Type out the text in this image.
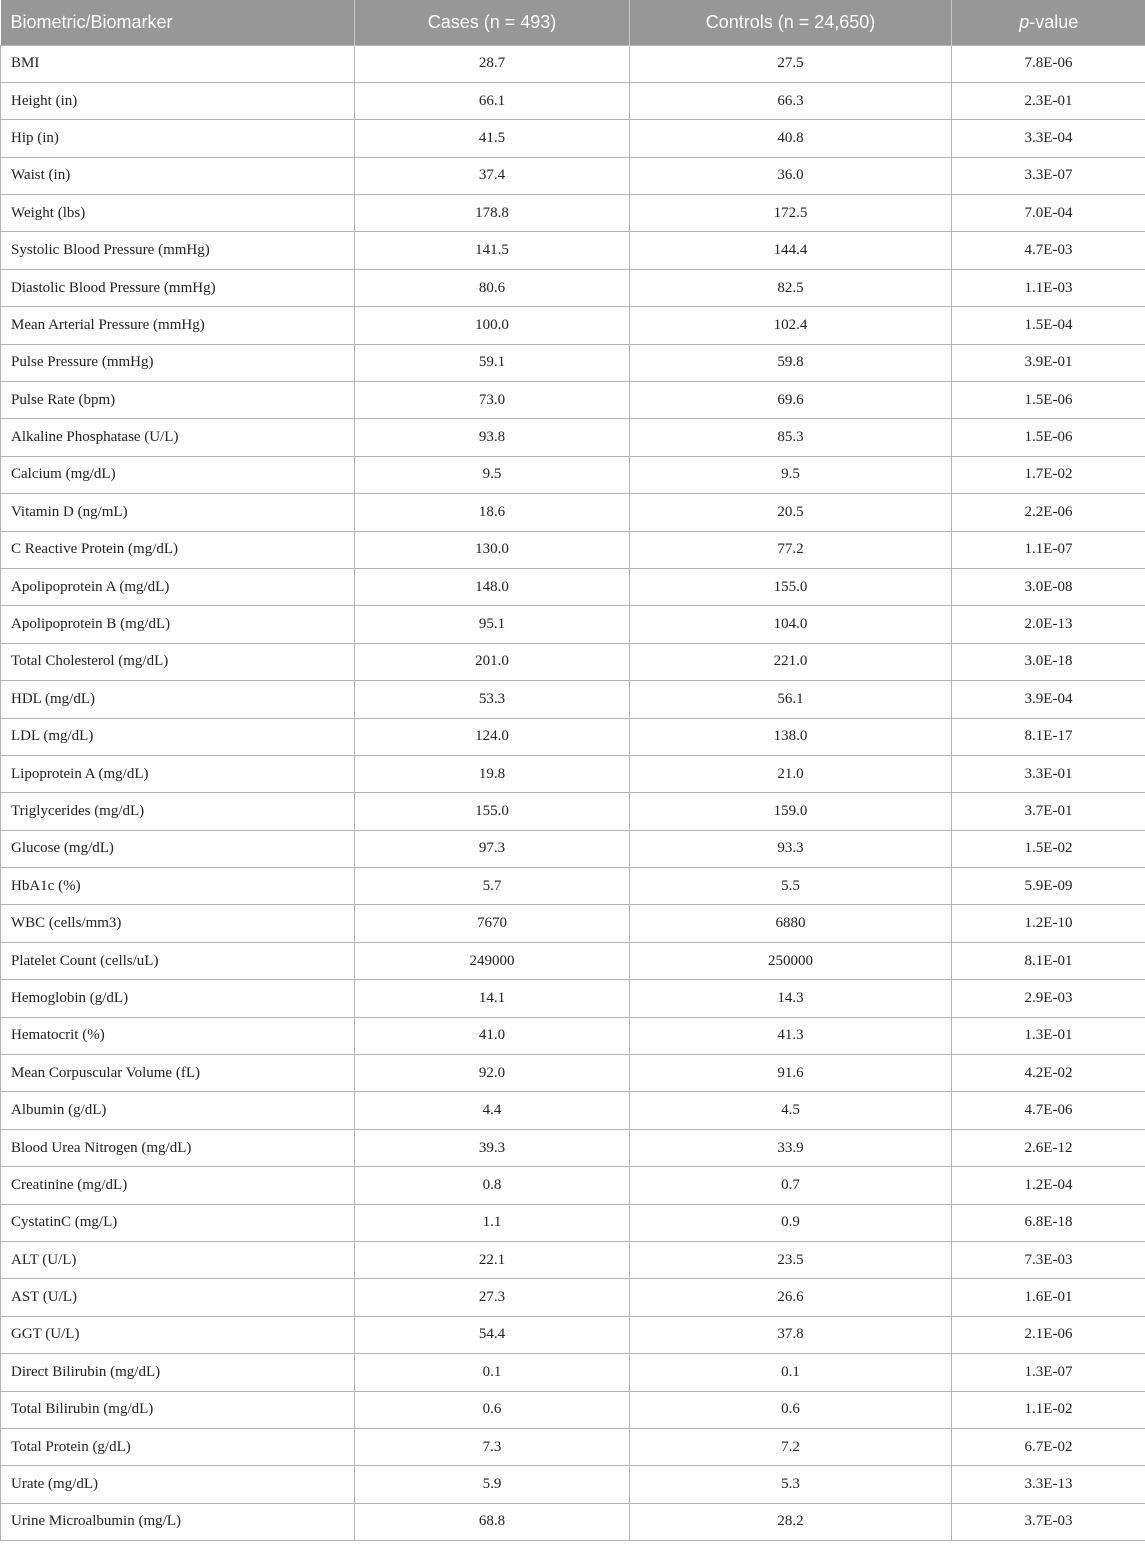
Biometric/Biomarker	Cases (n = 493)	Controls (n = 24,650)	p-value
BMI	28.7	27.5	7.8E-06
Height (in)	66.1	66.3	2.3E-01
Hip (in)	41.5	40.8	3.3E-04
Waist (in)	37.4	36.0	3.3E-07
Weight (lbs)	178.8	172.5	7.0E-04
Systolic Blood Pressure (mmHg)	141.5	144.4	4.7E-03
Diastolic Blood Pressure (mmHg)	80.6	82.5	1.1E-03
Mean Arterial Pressure (mmHg)	100.0	102.4	1.5E-04
Pulse Pressure (mmHg)	59.1	59.8	3.9E-01
Pulse Rate (bpm)	73.0	69.6	1.5E-06
Alkaline Phosphatase (U/L)	93.8	85.3	1.5E-06
Calcium (mg/dL)	9.5	9.5	1.7E-02
Vitamin D (ng/mL)	18.6	20.5	2.2E-06
C Reactive Protein (mg/dL)	130.0	77.2	1.1E-07
Apolipoprotein A (mg/dL)	148.0	155.0	3.0E-08
Apolipoprotein B (mg/dL)	95.1	104.0	2.0E-13
Total Cholesterol (mg/dL)	201.0	221.0	3.0E-18
HDL (mg/dL)	53.3	56.1	3.9E-04
LDL (mg/dL)	124.0	138.0	8.1E-17
Lipoprotein A (mg/dL)	19.8	21.0	3.3E-01
Triglycerides (mg/dL)	155.0	159.0	3.7E-01
Glucose (mg/dL)	97.3	93.3	1.5E-02
HbA1c (%)	5.7	5.5	5.9E-09
WBC (cells/mm3)	7670	6880	1.2E-10
Platelet Count (cells/uL)	249000	250000	8.1E-01
Hemoglobin (g/dL)	14.1	14.3	2.9E-03
Hematocrit (%)	41.0	41.3	1.3E-01
Mean Corpuscular Volume (fL)	92.0	91.6	4.2E-02
Albumin (g/dL)	4.4	4.5	4.7E-06
Blood Urea Nitrogen (mg/dL)	39.3	33.9	2.6E-12
Creatinine (mg/dL)	0.8	0.7	1.2E-04
CystatinC (mg/L)	1.1	0.9	6.8E-18
ALT (U/L)	22.1	23.5	7.3E-03
AST (U/L)	27.3	26.6	1.6E-01
GGT (U/L)	54.4	37.8	2.1E-06
Direct Bilirubin (mg/dL)	0.1	0.1	1.3E-07
Total Bilirubin (mg/dL)	0.6	0.6	1.1E-02
Total Protein (g/dL)	7.3	7.2	6.7E-02
Urate (mg/dL)	5.9	5.3	3.3E-13
Urine Microalbumin (mg/L)	68.8	28.2	3.7E-03
